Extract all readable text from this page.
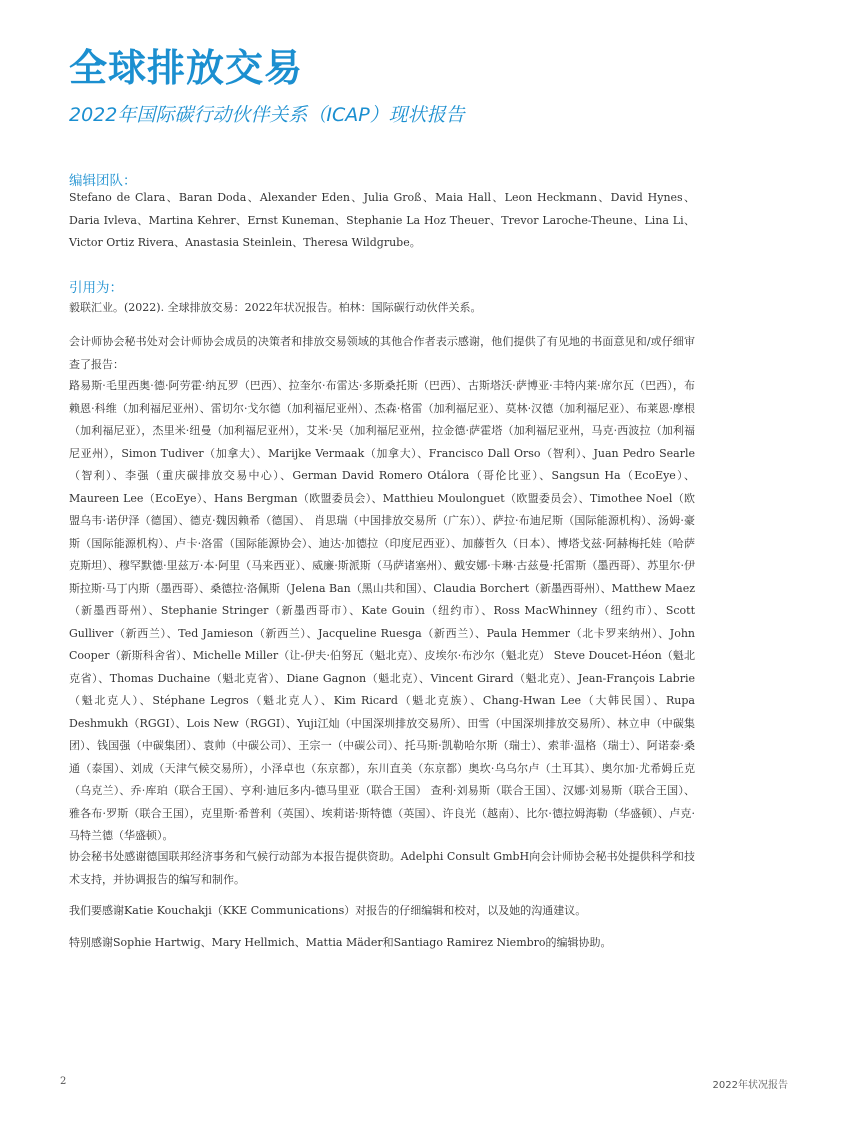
全球排放交易
2022年国际碳行动伙伴关系（ICAP）现状报告
编辑团队：

Stefano de Clara、Baran Doda、Alexander Eden、Julia Groß、Maia Hall、Leon Heckmann、David Hynes、Daria Ivleva、Martina Kehrer、Ernst Kuneman、Stephanie La Hoz Theuer、Trevor Laroche-Theune、Lina Li、Victor Ortiz Rivera、Anastasia Steinlein、Theresa Wildgrube。

引用为：

毅联汇业。(2022). 全球排放交易：2022年状况报告。柏林：国际碳行动伙伴关系。

会计师协会秘书处对会计师协会成员的决策者和排放交易领域的其他合作者表示感谢，他们提供了有见地的书面意见和/或仔细审查了报告：

路易斯·毛里西奥·德·阿劳霍·纳瓦罗（巴西）、拉奎尔·布雷达·多斯桑托斯（巴西）、古斯塔沃·萨博亚·丰特内莱·席尔瓦（巴西），布赖恩·科维（加利福尼亚州）、雷切尔·戈尔德（加利福尼亚州）、杰森·格雷（加利福尼亚）、莫林·汉德（加利福尼亚）、布莱恩·摩根（加利福尼亚），杰里米·纽曼（加利福尼亚州），艾米·吴（加利福尼亚州，拉金德·萨霍塔（加利福尼亚州，马克·西波拉（加利福尼亚州），Simon Tudiver（加拿大）、Marijke Vermaak（加拿大）、Francisco Dall Orso（智利）、Juan Pedro Searle（智利）、李强（重庆碳排放交易中心）、German David Romero Otálora（哥伦比亚）、Sangsun Ha（EcoEye）、Maureen Lee（EcoEye）、Hans Bergman（欧盟委员会）、Matthieu Moulonguet（欧盟委员会）、Timothee Noel（欧盟乌韦·诺伊泽（德国）、德克·魏因赖希（德国）、 肖思瑞（中国排放交易所（广东））、萨拉·布迪尼斯（国际能源机构）、汤姆·豪斯（国际能源机构）、卢卡·洛雷（国际能源协会）、迪达·加德拉（印度尼西亚）、加藤哲久（日本）、博塔戈兹·阿赫梅托娃（哈萨克斯坦）、穆罕默德·里兹万·本·阿里（马来西亚）、威廉·斯派斯（马萨诸塞州）、戴安娜·卡琳·古兹曼·托雷斯（墨西哥）、苏里尔·伊斯拉斯·马丁内斯（墨西哥）、桑德拉·洛佩斯（Jelena Ban（黑山共和国）、Claudia Borchert（新墨西哥州）、Matthew Maez（新墨西哥州）、Stephanie Stringer（新墨西哥市）、Kate Gouin（纽约市）、Ross MacWhinney（纽约市）、Scott Gulliver（新西兰）、Ted Jamieson（新西兰）、Jacqueline Ruesga（新西兰）、Paula Hemmer（北卡罗来纳州）、John Cooper（新斯科舍省）、Michelle Miller（让-伊夫·伯努瓦（魁北克）、皮埃尔·布沙尔（魁北克） Steve Doucet-Héon（魁北克省）、Thomas Duchaine（魁北克省）、Diane Gagnon（魁北克）、Vincent Girard（魁北克）、Jean-François Labrie（魁北克人）、Stéphane Legros（魁北克人）、Kim Ricard（魁北克族）、Chang-Hwan Lee（大韩民国）、Rupa Deshmukh（RGGI）、Lois New（RGGI）、Yuji江灿（中国深圳排放交易所）、田雪（中国深圳排放交易所）、林立申（中碳集团）、钱国强（中碳集团）、袁帅（中碳公司）、王宗一（中碳公司）、托马斯·凯勒哈尔斯（瑞士）、索菲·温格（瑞士）、阿诺泰·桑通（泰国）、刘成（天津气候交易所），小泽卓也（东京都），东川直美（东京都）奥坎·乌乌尔卢（土耳其）、奥尔加·尤希姆丘克（乌克兰）、乔·库珀（联合王国）、亨利·迪厄多内-德马里亚（联合王国） 查利·刘易斯（联合王国）、汉娜·刘易斯（联合王国）、雅各布·罗斯（联合王国），克里斯·希普利（英国）、埃莉诺·斯特德（英国）、许良光（越南）、比尔·德拉姆海勒（华盛顿）、卢克·马特兰德（华盛顿）。

协会秘书处感谢德国联邦经济事务和气候行动部为本报告提供资助。Adelphi Consult GmbH向会计师协会秘书处提供科学和技术支持，并协调报告的编写和制作。

我们要感谢Katie Kouchakji（KKE Communications）对报告的仔细编辑和校对，以及她的沟通建议。

特别感谢Sophie Hartwig、Mary Hellmich、Mattia Mäder和Santiago Ramirez Niembro的编辑协助。

2	2022年状况报告
